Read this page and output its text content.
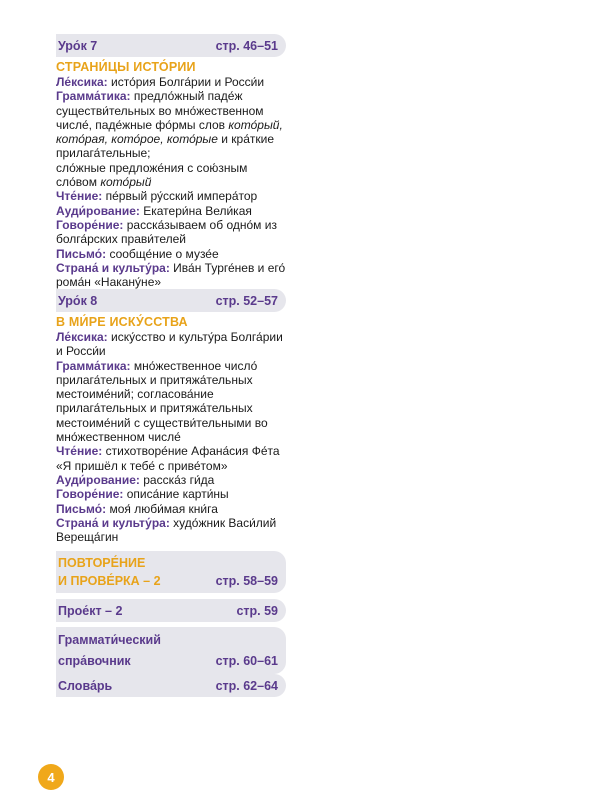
Уро́к 7	стр. 46–51
СТРАНИ́ЦЫ ИСТО́РИИ
Ле́ксика: исто́рия Болга́рии и Росси́и
Грамма́тика: предло́жный паде́ж существи́тельных во мно́жественном числе́, паде́жные фо́рмы слов кото́рый, кото́рая, кото́рое, кото́рые и кра́ткие прилага́тельные;
сло́жные предложе́ния с сою́зным сло́вом кото́рый
Чте́ние: пе́рвый ру́сский импера́тор
Ауди́рование: Екатери́на Вели́кая
Говоре́ние: расска́зываем об одно́м из болга́рских прави́телей
Письмо́: сообще́ние о музе́е
Страна́ и культу́ра: Ива́н Турге́нев и его́ рома́н «Накану́не»
Уро́к 8	стр. 52–57
В МИ́РЕ ИСКУ́ССТВА
Ле́ксика: иску́сство и культу́ра Болга́рии и Росси́и
Грамма́тика: мно́жественное число́ прилага́тельных и притяжа́тельных местоиме́ний; согласова́ние прилага́тельных и притяжа́тельных местоиме́ний с существи́тельными во мно́жественном числе́
Чте́ние: стихотворе́ние Афана́сия Фе́та «Я пришёл к тебе́ с приве́том»
Ауди́рование: расска́з ги́да
Говоре́ние: описа́ние карти́ны
Письмо́: моя́ люби́мая кни́га
Страна́ и культу́ра: худо́жник Васи́лий Вереща́гин
ПОВТОРЕ́НИЕ
И ПРОВЕ́РКА – 2	стр. 58–59
Прое́кт – 2	стр. 59
Граммати́ческий
спра́вочник	стр. 60–61
Слова́рь	стр. 62–64
4
